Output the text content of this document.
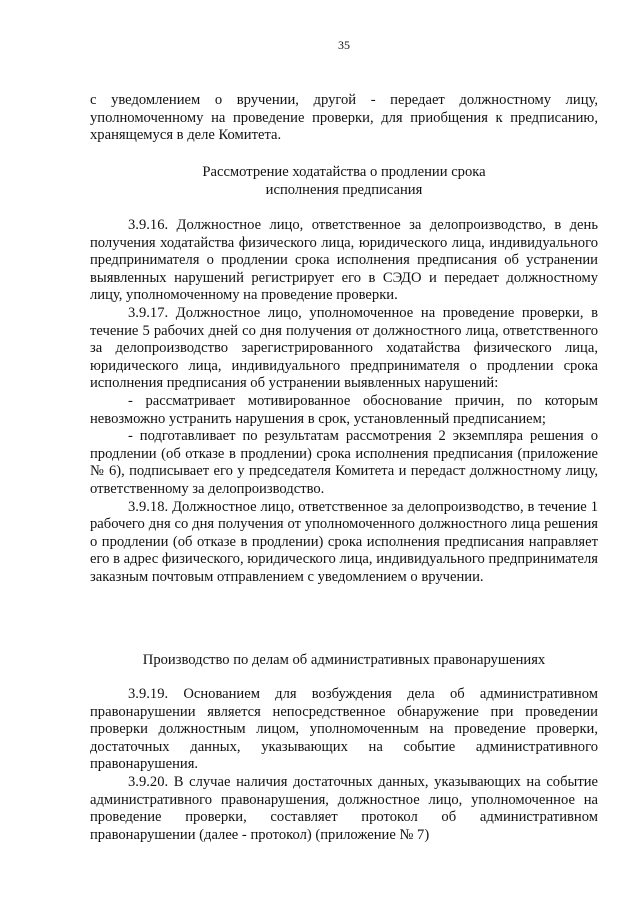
35

с уведомлением о вручении, другой - передает должностному лицу, уполномоченному на проведение проверки, для приобщения к предписанию, хранящемуся в деле Комитета.

Рассмотрение ходатайства о продлении срока

исполнения предписания

3.9.16. Должностное лицо, ответственное за делопроизводство, в день получения ходатайства физического лица, юридического лица, индивидуального предпринимателя о продлении срока исполнения предписания об устранении выявленных нарушений регистрирует его в СЭДО и передает должностному лицу, уполномоченному на проведение проверки.

3.9.17. Должностное лицо, уполномоченное на проведение проверки, в течение 5 рабочих дней со дня получения от должностного лица, ответственного за делопроизводство зарегистрированного ходатайства физического лица, юридического лица, индивидуального предпринимателя о продлении срока исполнения предписания об устранении выявленных нарушений:

- рассматривает мотивированное обоснование причин, по которым невозможно устранить нарушения в срок, установленный предписанием;

- подготавливает по результатам рассмотрения 2 экземпляра решения о продлении (об отказе в продлении) срока исполнения предписания (приложение № 6), подписывает его у председателя Комитета и передаст должностному лицу, ответственному за делопроизводство.

3.9.18. Должностное лицо, ответственное за делопроизводство, в течение 1 рабочего дня со дня получения от уполномоченного должностного лица решения о продлении (об отказе в продлении) срока исполнения предписания направляет его в адрес физического, юридического лица, индивидуального предпринимателя заказным почтовым отправлением с уведомлением о вручении.

Производство по делам об административных правонарушениях

3.9.19. Основанием для возбуждения дела об административном правонарушении является непосредственное обнаружение при проведении проверки должностным лицом, уполномоченным на проведение проверки, достаточных данных, указывающих на событие административного правонарушения.

3.9.20. В случае наличия достаточных данных, указывающих на событие административного правонарушения, должностное лицо, уполномоченное на проведение проверки, составляет протокол об административном правонарушении (далее - протокол) (приложение № 7)
